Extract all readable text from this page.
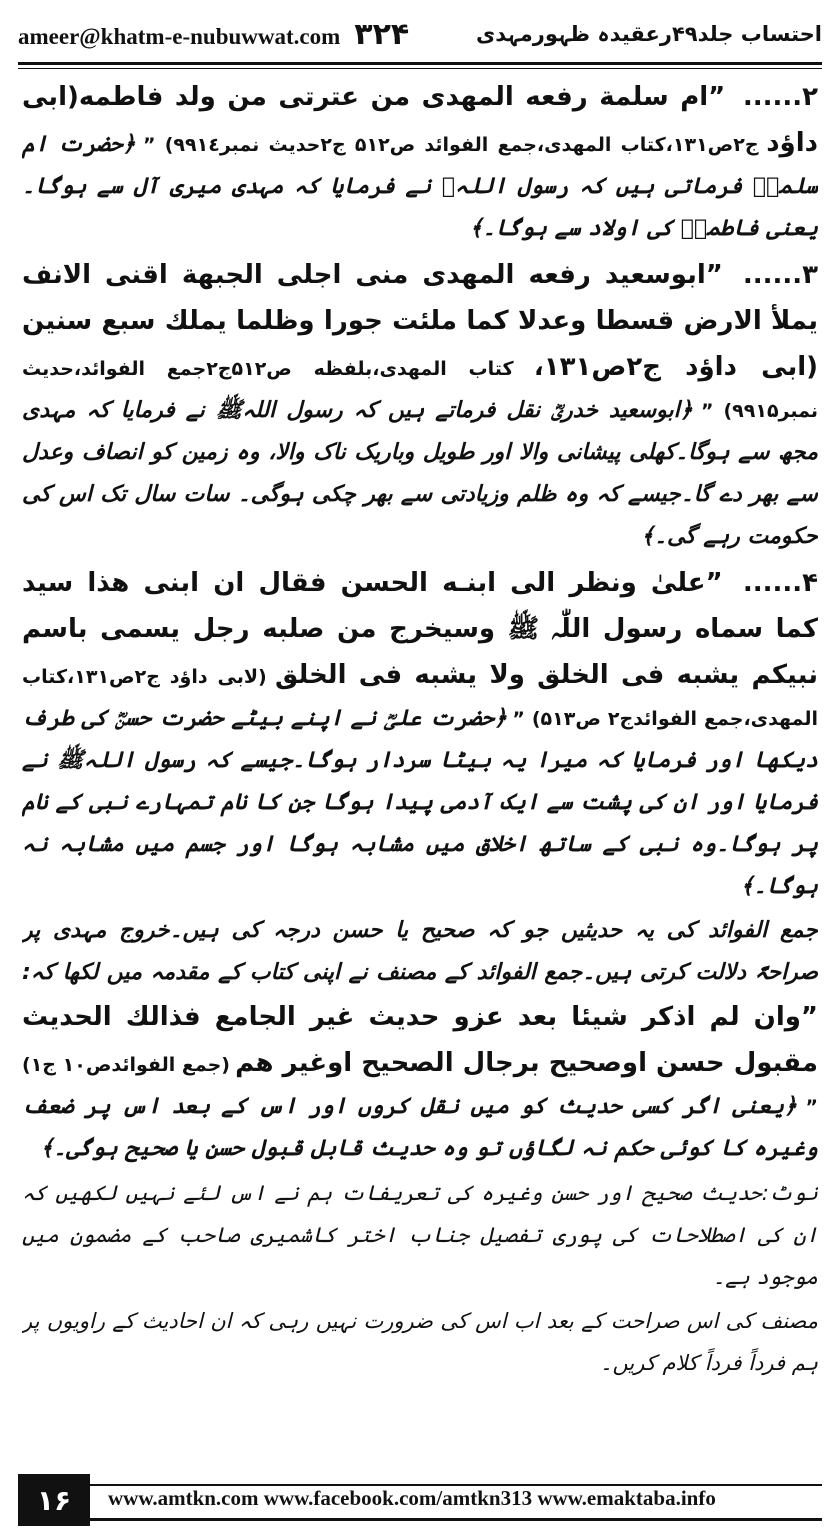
ameer@khatm-e-nubuwwat.com ۳۲۴	احتساب جلد۴۹رعقیدہ ظہورمہدی

۲...... ”ام سلمة رفعه المهدی من عترتی من ولد فاطمه(ابی داؤد ج۲ص۱۳۱،کتاب المهدی،جمع الفوائد ص۵۱۲ ج۲حدیث نمبر۹۹۱٤) ” ﴿حضرت ام سلمہؓ فرماتی ہیں کہ رسول اللہﷺ نے فرمایا کہ مہدی میری آل سے ہوگا۔یعنی فاطمہؓ کی اولاد سے ہوگا۔﴾

۳...... ”ابوسعید رفعه المهدی منی اجلی الجبهة اقنی الانف یملأ الارض قسطا وعدلا کما ملئت جورا وظلما یملك سبع سنین (ابی داؤد ج۲ص۱۳۱، کتاب المهدی،بلفظه ص۵۱۲ج۲جمع الفوائد،حدیث نمبر۹۹۱۵) ” ﴿ابوسعید خدریؓ نقل فرماتے ہیں کہ رسول اللہﷺ نے فرمایا کہ مہدی مجھ سے ہوگا۔کھلی پیشانی والا اور طویل وباریک ناک والا، وہ زمین کو انصاف وعدل سے بھر دے گا۔جیسے کہ وہ ظلم وزیادتی سے بھر چکی ہوگی۔ سات سال تک اس کی حکومت رہے گی۔﴾

۴...... ”علیٰ ونظر الی ابنـه الحسن فقال ان ابنی هذا سید کما سماه رسول اللّٰہ ﷺ وسیخرج من صلبه رجل یسمی باسم نبیکم یشبه فی الخلق ولا یشبه فی الخلق (لابی داؤد ج۲ص۱۳۱،کتاب المهدی،جمع الفوائدج۲ ص۵۱۳) ” ﴿حضرت علیؓ نے اپنے بیٹے حضرت حسنؓ کی طرف دیکھا اور فرمایا کہ میرا یہ بیٹا سردار ہوگا۔جیسے کہ رسول اللہﷺ نے فرمایا اور ان کی پشت سے ایک آدمی پیدا ہوگا جن کا نام تمہارے نبی کے نام پر ہوگا۔وہ نبی کے ساتھ اخلاق میں مشابہ ہوگا اور جسم میں مشابہ نہ ہوگا۔﴾

جمع الفوائد کی یہ حدیثیں جو کہ صحیح یا حسن درجہ کی ہیں۔خروج مہدی پر صراحۃً دلالت کرتی ہیں۔جمع الفوائد کے مصنف نے اپنی کتاب کے مقدمہ میں لکھا کہ: ”وان لم اذکر شیئا بعد عزو حدیث غیر الجامع فذالك الحدیث مقبول حسن اوصحیح برجال الصحیح اوغیر هم (جمع الفوائدص۱۰ ج۱) ” ﴿یعنی اگر کسی حدیث کو میں نقل کروں اور اس کے بعد اس پر ضعف وغیرہ کا کوئی حکم نہ لگاؤں تو وہ حدیث قابل قبول حسن یا صحیح ہوگی۔﴾

نوٹ:حدیث صحیح اور حسن وغیرہ کی تعریفات ہم نے اس لئے نہیں لکھیں کہ ان کی اصطلاحات کی پوری تفصیل جناب اختر کاشمیری صاحب کے مضمون میں موجود ہے۔

مصنف کی اس صراحت کے بعد اب اس کی ضرورت نہیں رہی کہ ان احادیث کے راویوں پر ہم فرداً فرداً کلام کریں۔

۱۶	www.amtkn.com www.facebook.com/amtkn313 www.emaktaba.info
